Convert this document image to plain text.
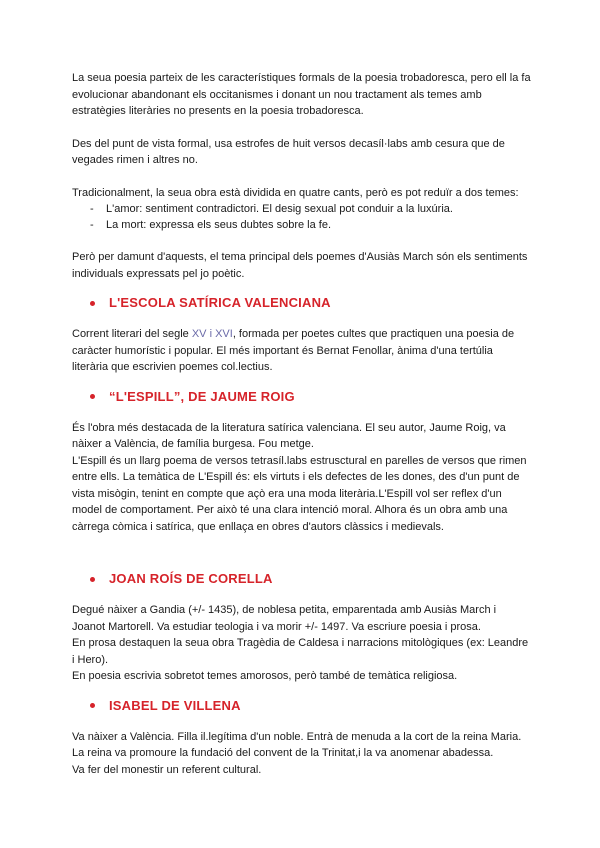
La seua poesia parteix de les característiques formals de la poesia trobadoresca, pero ell la fa evolucionar abandonant els occitanismes i donant un nou tractament als temes amb estratègies literàries no presents en la poesia trobadoresca.

Des del punt de vista formal, usa estrofes de huit versos decasíl·labs amb cesura que de vegades rimen i altres no.

Tradicionalment, la seua obra està dividida en quatre cants, però es pot reduïr a dos temes:

- L'amor: sentiment contradictori. El desig sexual pot conduir a la luxúria.
- La mort: expressa els seus dubtes sobre la fe.

Però per damunt d'aquests, el tema principal dels poemes d'Ausiàs March són els sentiments individuals expressats pel jo poètic.

L'ESCOLA SATÍRICA VALENCIANA

Corrent literari del segle XV i XVI, formada per poetes cultes que practiquen una poesia de caràcter humorístic i popular. El més important és Bernat Fenollar, ànima d'una tertúlia literària que escrivien poemes col.lectius.

“L'ESPILL”, DE JAUME ROIG

És l'obra més destacada de la literatura satírica valenciana. El seu autor, Jaume Roig, va nàixer a València, de família burgesa. Fou metge.

L'Espill és un llarg poema de versos tetrasíl.labs estrusctural en parelles de versos que rimen entre ells. La temàtica de L'Espill és: els virtuts i els defectes de les dones, des d'un punt de vista misògin, tenint en compte que açò era una moda literària.L'Espill vol ser reflex d'un model de comportament. Per això té una clara intenció moral. Alhora és un obra amb una càrrega còmica i satírica, que enllaça en obres d'autors clàssics i medievals.

JOAN ROÍS DE CORELLA

Degué nàixer a Gandia (+/- 1435), de noblesa petita, emparentada amb Ausiàs March i Joanot Martorell. Va estudiar teologia i va morir +/- 1497. Va escriure poesia i prosa.

En prosa destaquen la seua obra Tragèdia de Caldesa i narracions mitològiques (ex: Leandre i Hero).

En poesia escrivia sobretot temes amorosos, però també de temàtica religiosa.

ISABEL DE VILLENA

Va nàixer a València. Filla il.legítima d'un noble. Entrà de menuda a la cort de la reina Maria.

La reina va promoure la fundació del convent de la Trinitat,i la va anomenar abadessa.

Va fer del monestir un referent cultural.
